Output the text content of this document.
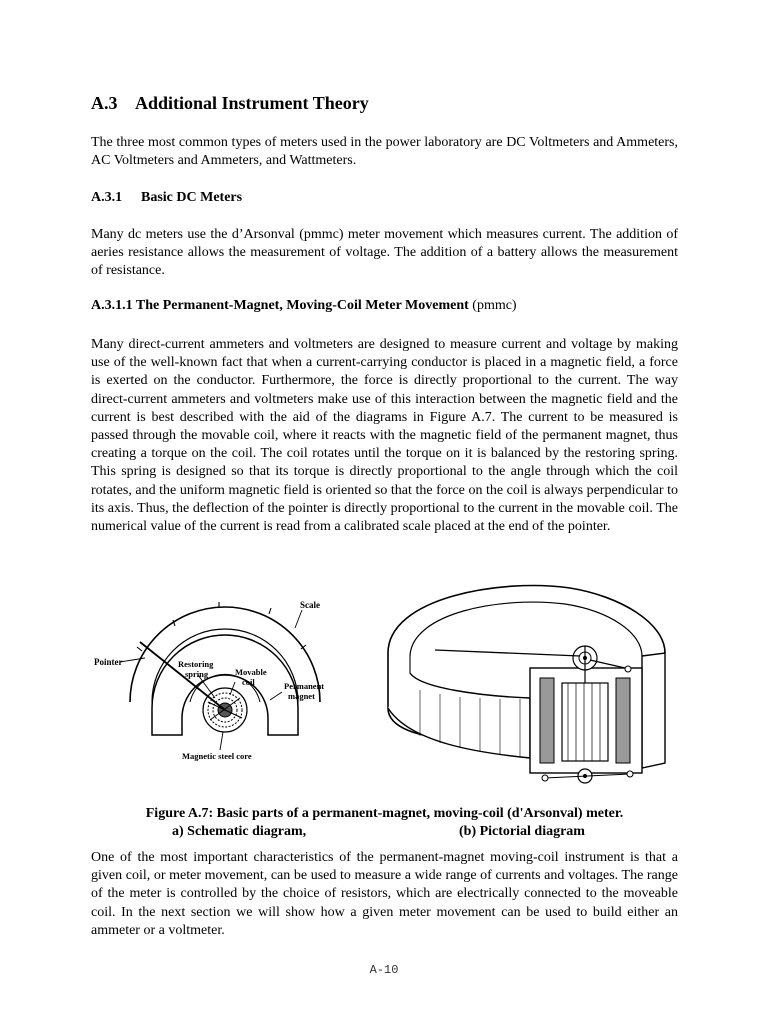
A.3 Additional Instrument Theory
The three most common types of meters used in the power laboratory are DC Voltmeters and Ammeters, AC Voltmeters and Ammeters, and Wattmeters.
A.3.1 Basic DC Meters
Many dc meters use the d’Arsonval (pmmc) meter movement which measures current. The addition of aeries resistance allows the measurement of voltage. The addition of a battery allows the measurement of resistance.
A.3.1.1 The Permanent-Magnet, Moving-Coil Meter Movement (pmmc)
Many direct-current ammeters and voltmeters are designed to measure current and voltage by making use of the well-known fact that when a current-carrying conductor is placed in a magnetic field, a force is exerted on the conductor. Furthermore, the force is directly proportional to the current. The way direct-current ammeters and voltmeters make use of this interaction between the magnetic field and the current is best described with the aid of the diagrams in Figure A.7. The current to be measured is passed through the movable coil, where it reacts with the magnetic field of the permanent magnet, thus creating a torque on the coil. The coil rotates until the torque on it is balanced by the restoring spring. This spring is designed so that its torque is directly proportional to the angle through which the coil rotates, and the uniform magnetic field is oriented so that the force on the coil is always perpendicular to its axis. Thus, the deflection of the pointer is directly proportional to the current in the movable coil. The numerical value of the current is read from a calibrated scale placed at the end of the pointer.
Scale
Pointer	Restoring
spring	Movable
coil	Permanent
magnet
Magnetic steel core
Figure A.7: Basic parts of a permanent-magnet, moving-coil (d'Arsonval) meter.
a) Schematic diagram,	(b) Pictorial diagram
One of the most important characteristics of the permanent-magnet moving-coil instrument is that a given coil, or meter movement, can be used to measure a wide range of currents and voltages. The range of the meter is controlled by the choice of resistors, which are electrically connected to the moveable coil. In the next section we will show how a given meter movement can be used to build either an ammeter or a voltmeter.
A-10
